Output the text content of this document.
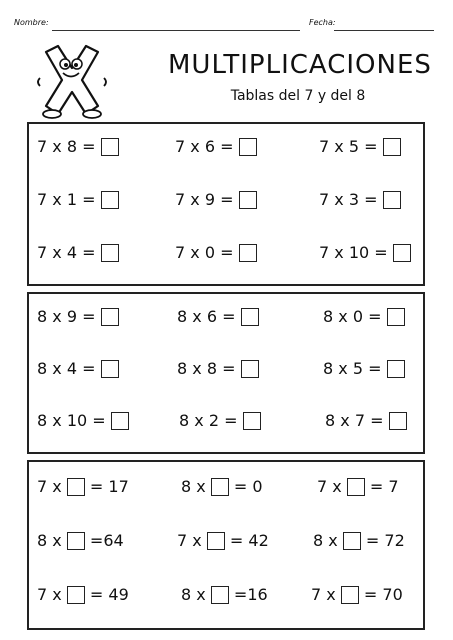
Nombre:	Fecha:
MULTIPLICACIONES
Tablas del 7 y del 8
7 x 8 =	7 x 6 =	7 x 5 =
7 x 1 =	7 x 9 =	7 x 3 =
7 x 4 =	7 x 0 =	7 x 10 =
8 x 9 =	8 x 6 =	8 x 0 =
8 x 4 =	8 x 8 =	8 x 5 =
8 x 10 =	8 x 2 =	8 x 7 =
7 x = 17	8 x = 0	7 x = 7
8 x =64	7 x = 42	8 x = 72
7 x = 49	8 x =16	7 x = 70
